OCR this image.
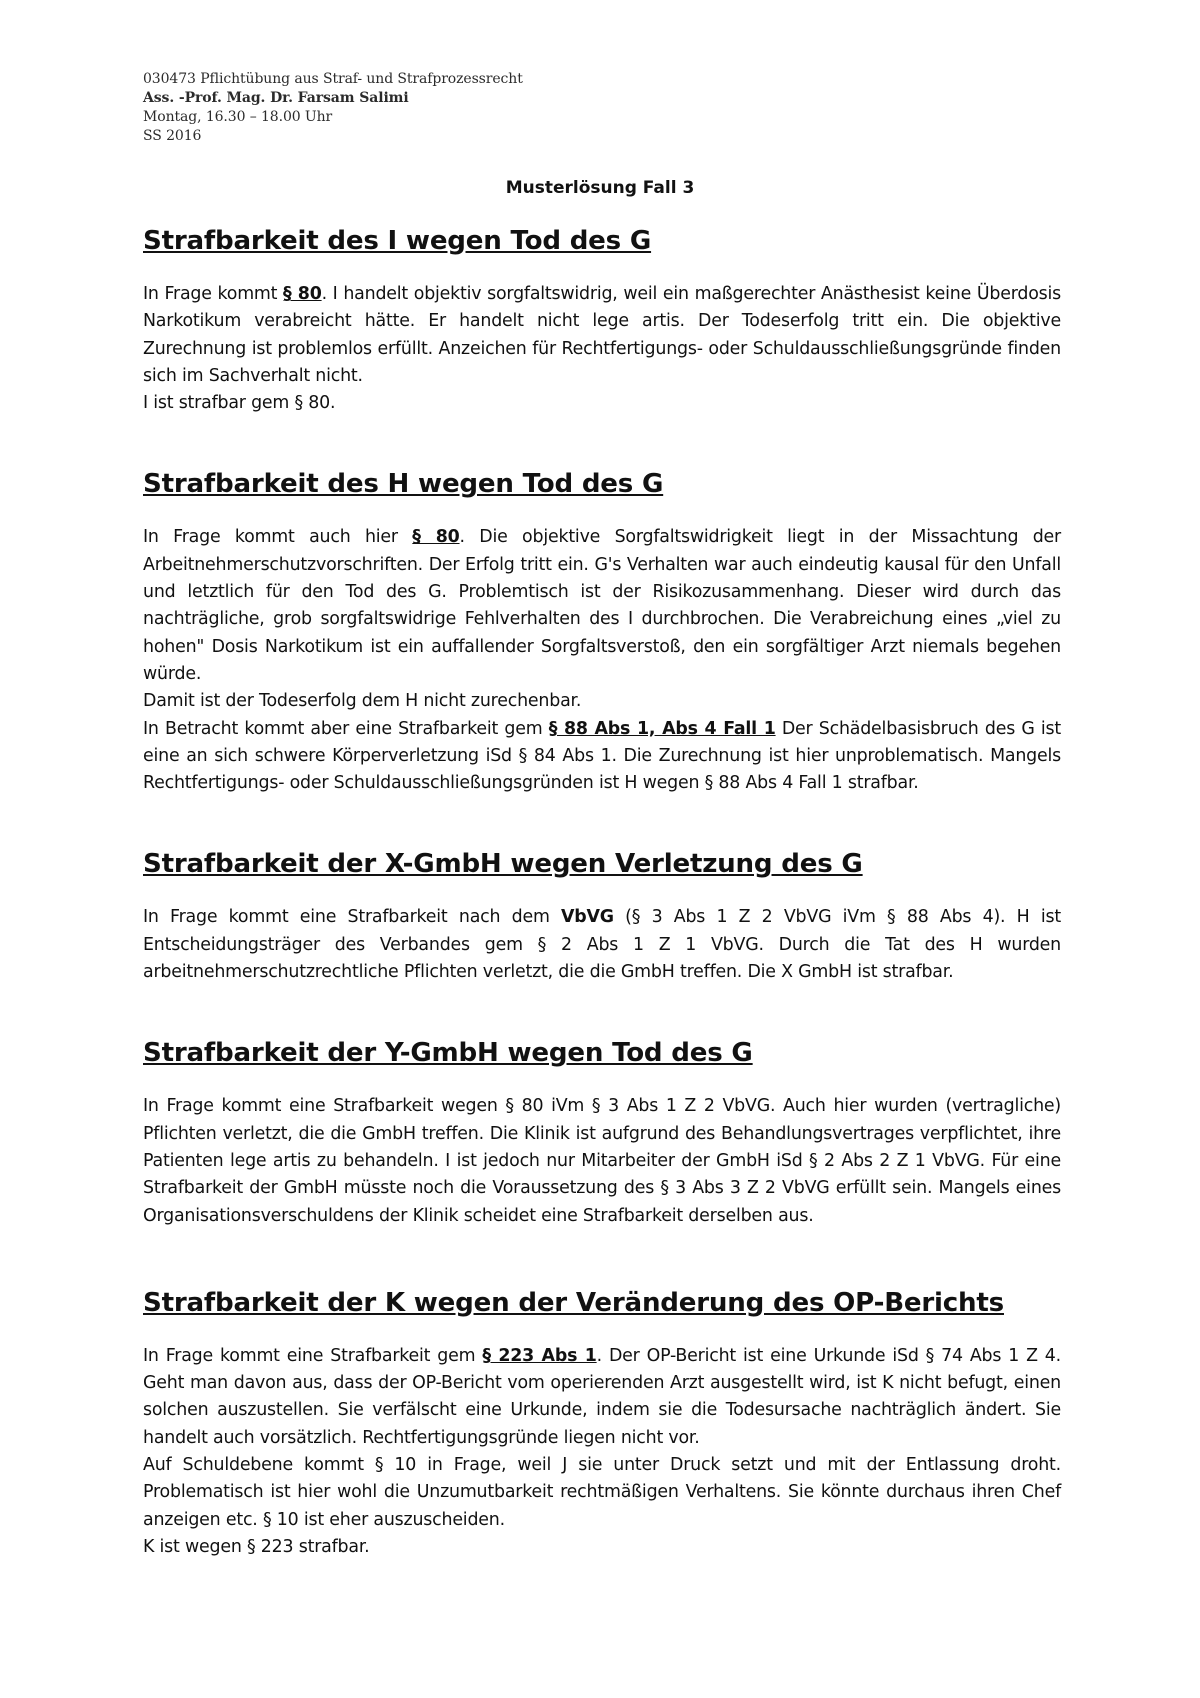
030473 Pflichtübung aus Straf- und Strafprozessrecht
Ass. -Prof. Mag. Dr. Farsam Salimi
Montag, 16.30 – 18.00 Uhr
SS 2016
Musterlösung Fall 3
Strafbarkeit des I wegen Tod des G

In Frage kommt § 80. I handelt objektiv sorgfaltswidrig, weil ein maßgerechter Anästhesist keine Überdosis Narkotikum verabreicht hätte. Er handelt nicht lege artis. Der Todeserfolg tritt ein. Die objektive Zurechnung ist problemlos erfüllt. Anzeichen für Rechtfertigungs- oder Schuldausschließungsgründe finden sich im Sachverhalt nicht.

I ist strafbar gem § 80.

Strafbarkeit des H wegen Tod des G

In Frage kommt auch hier § 80. Die objektive Sorgfaltswidrigkeit liegt in der Missachtung der Arbeitnehmerschutzvorschriften. Der Erfolg tritt ein. G's Verhalten war auch eindeutig kausal für den Unfall und letztlich für den Tod des G. Problemtisch ist der Risikozusammenhang. Dieser wird durch das nachträgliche, grob sorgfaltswidrige Fehlverhalten des I durchbrochen. Die Verabreichung eines „viel zu hohen" Dosis Narkotikum ist ein auffallender Sorgfaltsverstoß, den ein sorgfältiger Arzt niemals begehen würde.

Damit ist der Todeserfolg dem H nicht zurechenbar.

In Betracht kommt aber eine Strafbarkeit gem § 88 Abs 1, Abs 4 Fall 1 Der Schädelbasisbruch des G ist eine an sich schwere Körperverletzung iSd § 84 Abs 1. Die Zurechnung ist hier unproblematisch. Mangels Rechtfertigungs- oder Schuldausschließungsgründen ist H wegen § 88 Abs 4 Fall 1 strafbar.

Strafbarkeit der X-GmbH wegen Verletzung des G

In Frage kommt eine Strafbarkeit nach dem VbVG (§ 3 Abs 1 Z 2 VbVG iVm § 88 Abs 4). H ist Entscheidungsträger des Verbandes gem § 2 Abs 1 Z 1 VbVG. Durch die Tat des H wurden arbeitnehmerschutzrechtliche Pflichten verletzt, die die GmbH treffen. Die X GmbH ist strafbar.

Strafbarkeit der Y-GmbH wegen Tod des G

In Frage kommt eine Strafbarkeit wegen § 80 iVm § 3 Abs 1 Z 2 VbVG. Auch hier wurden (vertragliche) Pflichten verletzt, die die GmbH treffen. Die Klinik ist aufgrund des Behandlungsvertrages verpflichtet, ihre Patienten lege artis zu behandeln. I ist jedoch nur Mitarbeiter der GmbH iSd § 2 Abs 2 Z 1 VbVG. Für eine Strafbarkeit der GmbH müsste noch die Voraussetzung des § 3 Abs 3 Z 2 VbVG erfüllt sein. Mangels eines Organisationsverschuldens der Klinik scheidet eine Strafbarkeit derselben aus.

Strafbarkeit der K wegen der Veränderung des OP-Berichts

In Frage kommt eine Strafbarkeit gem § 223 Abs 1. Der OP-Bericht ist eine Urkunde iSd § 74 Abs 1 Z 4. Geht man davon aus, dass der OP-Bericht vom operierenden Arzt ausgestellt wird, ist K nicht befugt, einen solchen auszustellen. Sie verfälscht eine Urkunde, indem sie die Todesursache nachträglich ändert. Sie handelt auch vorsätzlich. Rechtfertigungsgründe liegen nicht vor.

Auf Schuldebene kommt § 10 in Frage, weil J sie unter Druck setzt und mit der Entlassung droht. Problematisch ist hier wohl die Unzumutbarkeit rechtmäßigen Verhaltens. Sie könnte durchaus ihren Chef anzeigen etc. § 10 ist eher auszuscheiden.

K ist wegen § 223 strafbar.
